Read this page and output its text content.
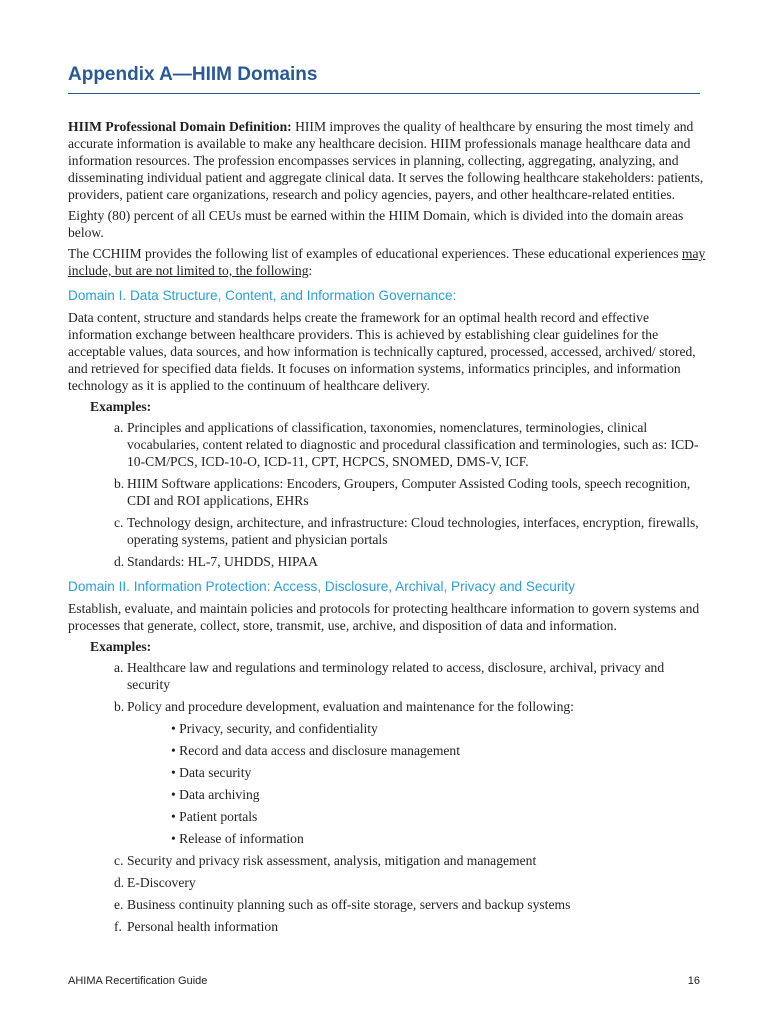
Appendix A—HIIM Domains

HIIM Professional Domain Definition: HIIM improves the quality of healthcare by ensuring the most timely and accurate information is available to make any healthcare decision. HIIM professionals manage healthcare data and information resources. The profession encompasses services in planning, collecting, aggregating, analyzing, and disseminating individual patient and aggregate clinical data. It serves the following healthcare stakeholders: patients, providers, patient care organizations, research and policy agencies, payers, and other healthcare-related entities.

Eighty (80) percent of all CEUs must be earned within the HIIM Domain, which is divided into the domain areas below.

The CCHIIM provides the following list of examples of educational experiences. These educational experiences may include, but are not limited to, the following:

Domain I. Data Structure, Content, and Information Governance:

Data content, structure and standards helps create the framework for an optimal health record and effective information exchange between healthcare providers. This is achieved by establishing clear guidelines for the acceptable values, data sources, and how information is technically captured, processed, accessed, archived/ stored, and retrieved for specified data fields. It focuses on information systems, informatics principles, and information technology as it is applied to the continuum of healthcare delivery.

Examples:
a. Principles and applications of classification, taxonomies, nomenclatures, terminologies, clinical vocabularies, content related to diagnostic and procedural classification and terminologies, such as: ICD-10-CM/PCS, ICD-10-O, ICD-11, CPT, HCPCS, SNOMED, DMS-V, ICF.
b. HIIM Software applications: Encoders, Groupers, Computer Assisted Coding tools, speech recognition, CDI and ROI applications, EHRs
c. Technology design, architecture, and infrastructure: Cloud technologies, interfaces, encryption, firewalls, operating systems, patient and physician portals
d. Standards: HL-7, UHDDS, HIPAA
Domain II. Information Protection: Access, Disclosure, Archival, Privacy and Security

Establish, evaluate, and maintain policies and protocols for protecting healthcare information to govern systems and processes that generate, collect, store, transmit, use, archive, and disposition of data and information.

Examples:
a. Healthcare law and regulations and terminology related to access, disclosure, archival, privacy and security
b. Policy and procedure development, evaluation and maintenance for the following:
• Privacy, security, and confidentiality
• Record and data access and disclosure management
• Data security
• Data archiving
• Patient portals
• Release of information
c. Security and privacy risk assessment, analysis, mitigation and management
d. E-Discovery
e. Business continuity planning such as off-site storage, servers and backup systems
f. Personal health information
AHIMA Recertification Guide	16
